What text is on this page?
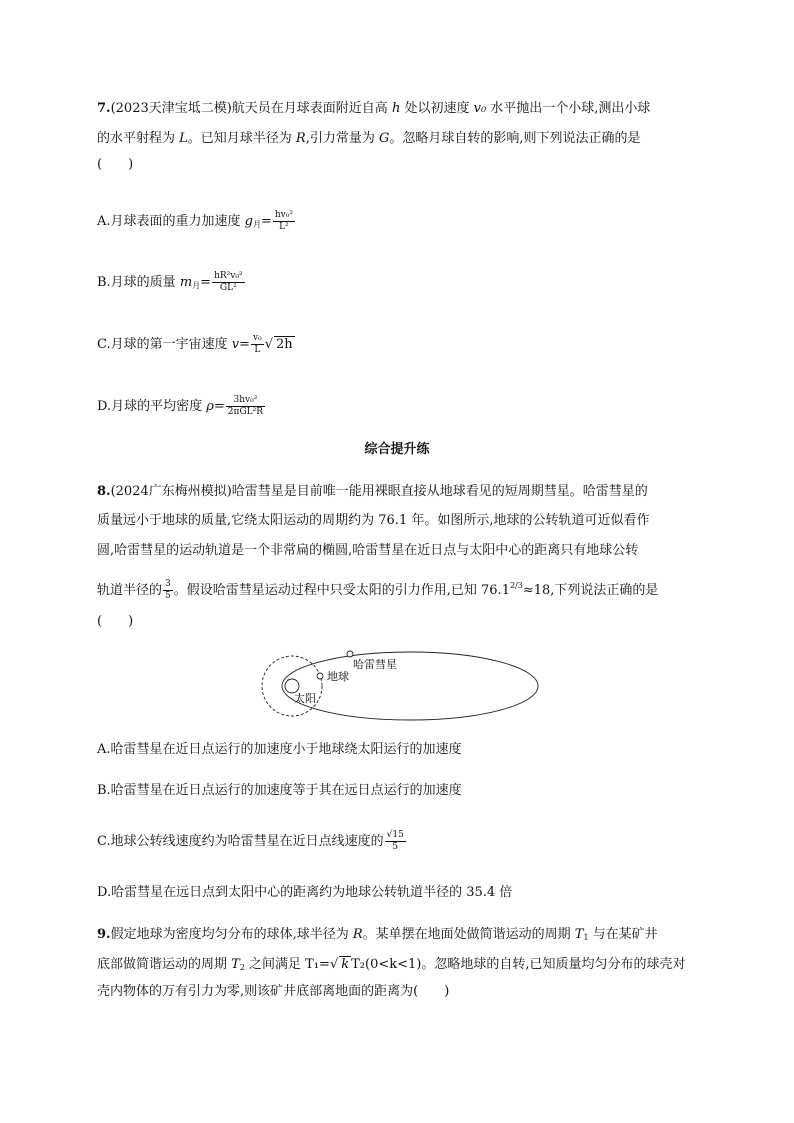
7.(2023天津宝坻二模)航天员在月球表面附近自高 h 处以初速度 v₀ 水平抛出一个小球,测出小球
的水平射程为 L。已知月球半径为 R,引力常量为 G。忽略月球自转的影响,则下列说法正确的是
(　　)
A.月球表面的重力加速度 $g_月= \frac{\text{hv₀²}}{\text{L²}}$
B.月球的质量 $m_月= \frac{\text{hR²v₀²}}{\text{GL²}}$
C.月球的第一宇宙速度 $v= \frac{\text{v₀}}{L}$ √ 2h
D.月球的平均密度 $\rho= \frac{\text{3hv₀²}}{\text{2πGL²R}}$
综合提升练
8.(2024广东梅州模拟)哈雷彗星是目前唯一能用裸眼直接从地球看见的短周期彗星。哈雷彗星的
质量远小于地球的质量,它绕太阳运动的周期约为 76.1 年。如图所示,地球的公转轨道可近似看作
圆,哈雷彗星的运动轨道是一个非常扁的椭圆,哈雷彗星在近日点与太阳中心的距离只有地球公转
轨道半径的 $\frac{3}{5}$ 。假设哈雷彗星运动过程中只受太阳的引力作用,已知 $76.1^{2/3}\approx 18$,下列说法正确的是
(　　)
哈雷彗星
地球
太阳
A.哈雷彗星在近日点运行的加速度小于地球绕太阳运行的加速度
B.哈雷彗星在近日点运行的加速度等于其在远日点运行的加速度
C.地球公转线速度约为哈雷彗星在近日点线速度的 $\frac{√15}{5}$
D.哈雷彗星在远日点到太阳中心的距离约为地球公转轨道半径的 35.4 倍
9.假定地球为密度均匀分布的球体,球半径为 R。某单摆在地面处做简谐运动的周期 $T_1$ 与在某矿井
底部做简谐运动的周期 $T_2$ 之间满足 T₁=√ k T₂(0<k<1)。忽略地球的自转,已知质量均匀分布的球壳对
壳内物体的万有引力为零,则该矿井底部离地面的距离为(　　)
